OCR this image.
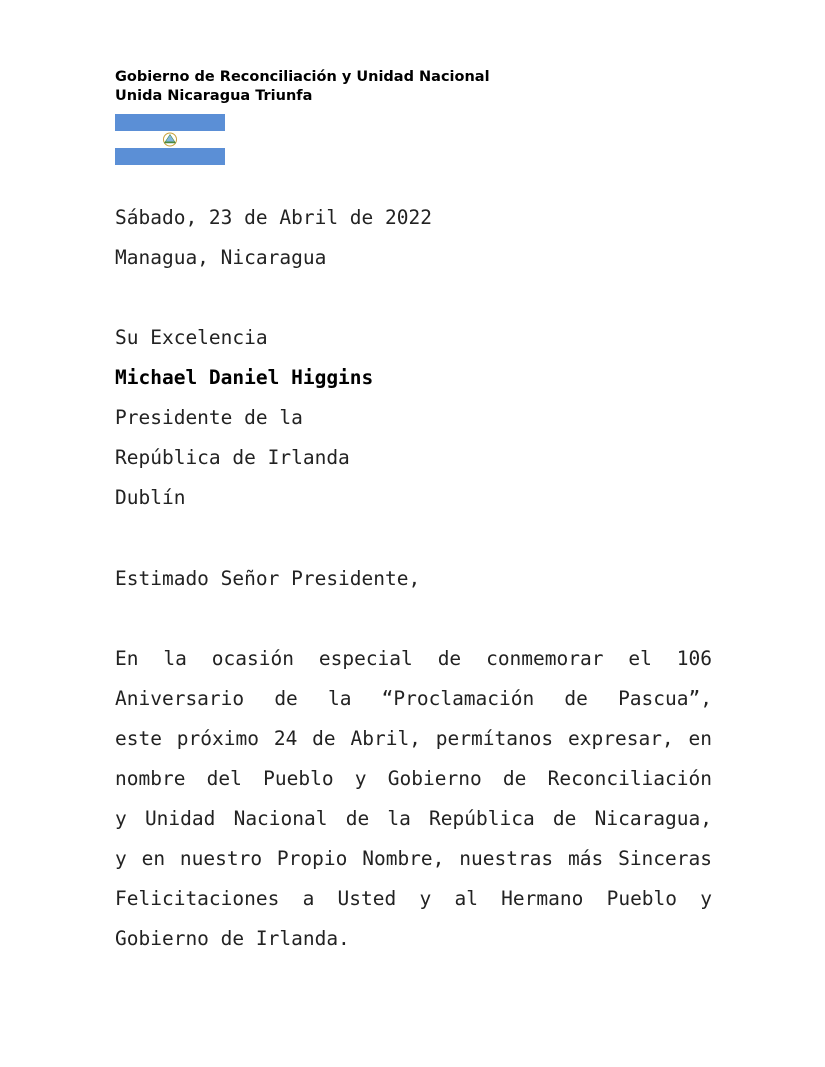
Gobierno de Reconciliación y Unidad Nacional
Unida Nicaragua Triunfa
Sábado, 23 de Abril de 2022
Managua, Nicaragua
Su Excelencia
Michael Daniel Higgins
Presidente de la
República de Irlanda
Dublín
Estimado Señor Presidente,
En la ocasión especial de conmemorar el 106
Aniversario de la “Proclamación de Pascua”,
este próximo 24 de Abril, permítanos expresar, en
nombre del Pueblo y Gobierno de Reconciliación
y Unidad Nacional de la República de Nicaragua,
y en nuestro Propio Nombre, nuestras más Sinceras
Felicitaciones a Usted y al Hermano Pueblo y
Gobierno de Irlanda.
